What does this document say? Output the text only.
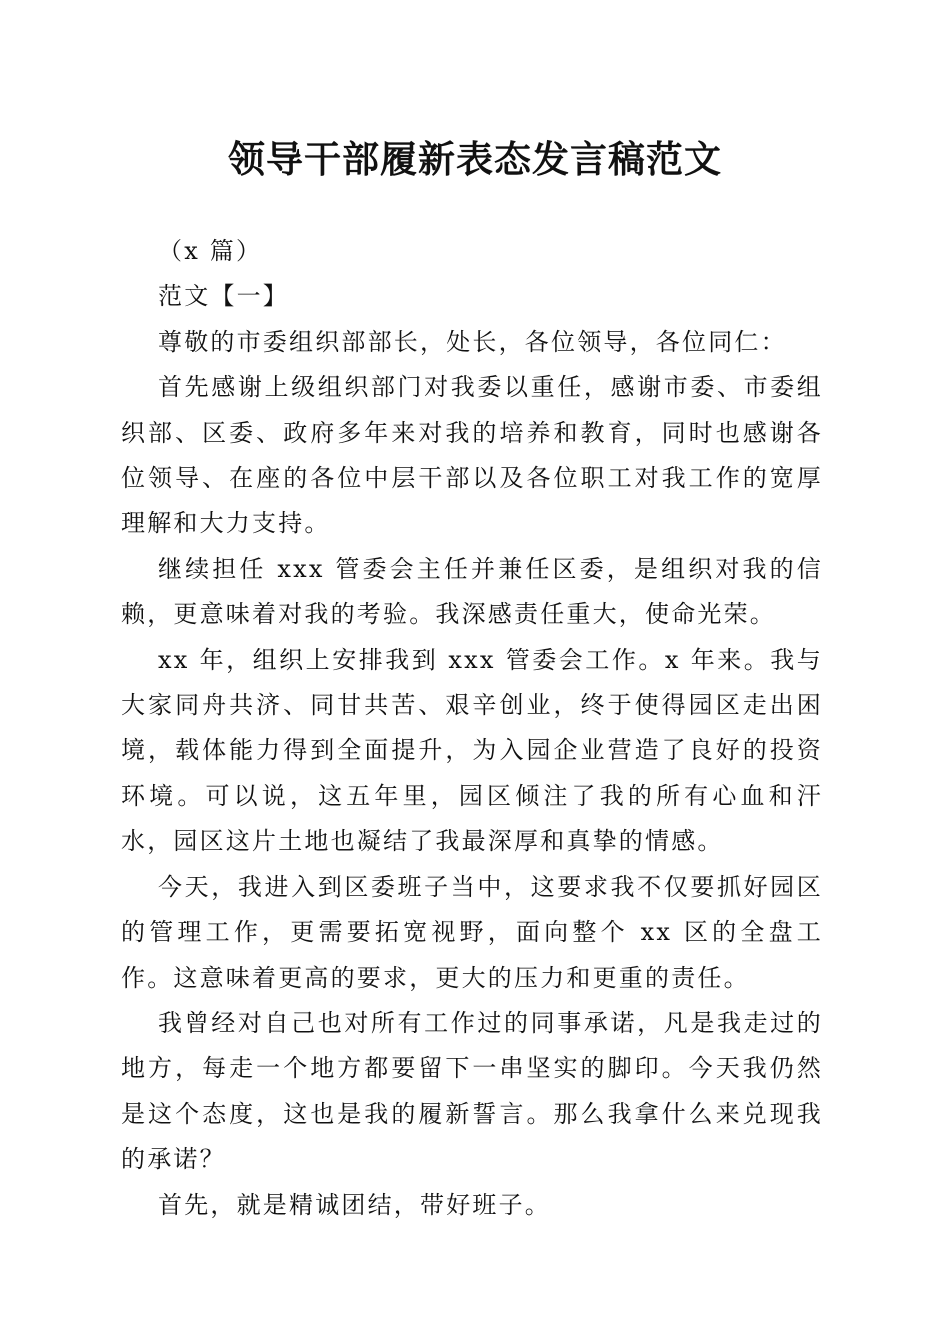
领导干部履新表态发言稿范文

（x 篇）

范文【一】

尊敬的市委组织部部长，处长，各位领导，各位同仁：

首先感谢上级组织部门对我委以重任，感谢市委、市委组织部、区委、政府多年来对我的培养和教育，同时也感谢各位领导、在座的各位中层干部以及各位职工对我工作的宽厚理解和大力支持。

继续担任 xxx 管委会主任并兼任区委，是组织对我的信赖，更意味着对我的考验。我深感责任重大，使命光荣。

xx 年，组织上安排我到 xxx 管委会工作。x 年来。我与大家同舟共济、同甘共苦、艰辛创业，终于使得园区走出困境，载体能力得到全面提升，为入园企业营造了良好的投资环境。可以说，这五年里，园区倾注了我的所有心血和汗水，园区这片土地也凝结了我最深厚和真挚的情感。

今天，我进入到区委班子当中，这要求我不仅要抓好园区的管理工作，更需要拓宽视野，面向整个 xx 区的全盘工作。这意味着更高的要求，更大的压力和更重的责任。

我曾经对自己也对所有工作过的同事承诺，凡是我走过的地方，每走一个地方都要留下一串坚实的脚印。今天我仍然是这个态度，这也是我的履新誓言。那么我拿什么来兑现我的承诺？

首先，就是精诚团结，带好班子。
